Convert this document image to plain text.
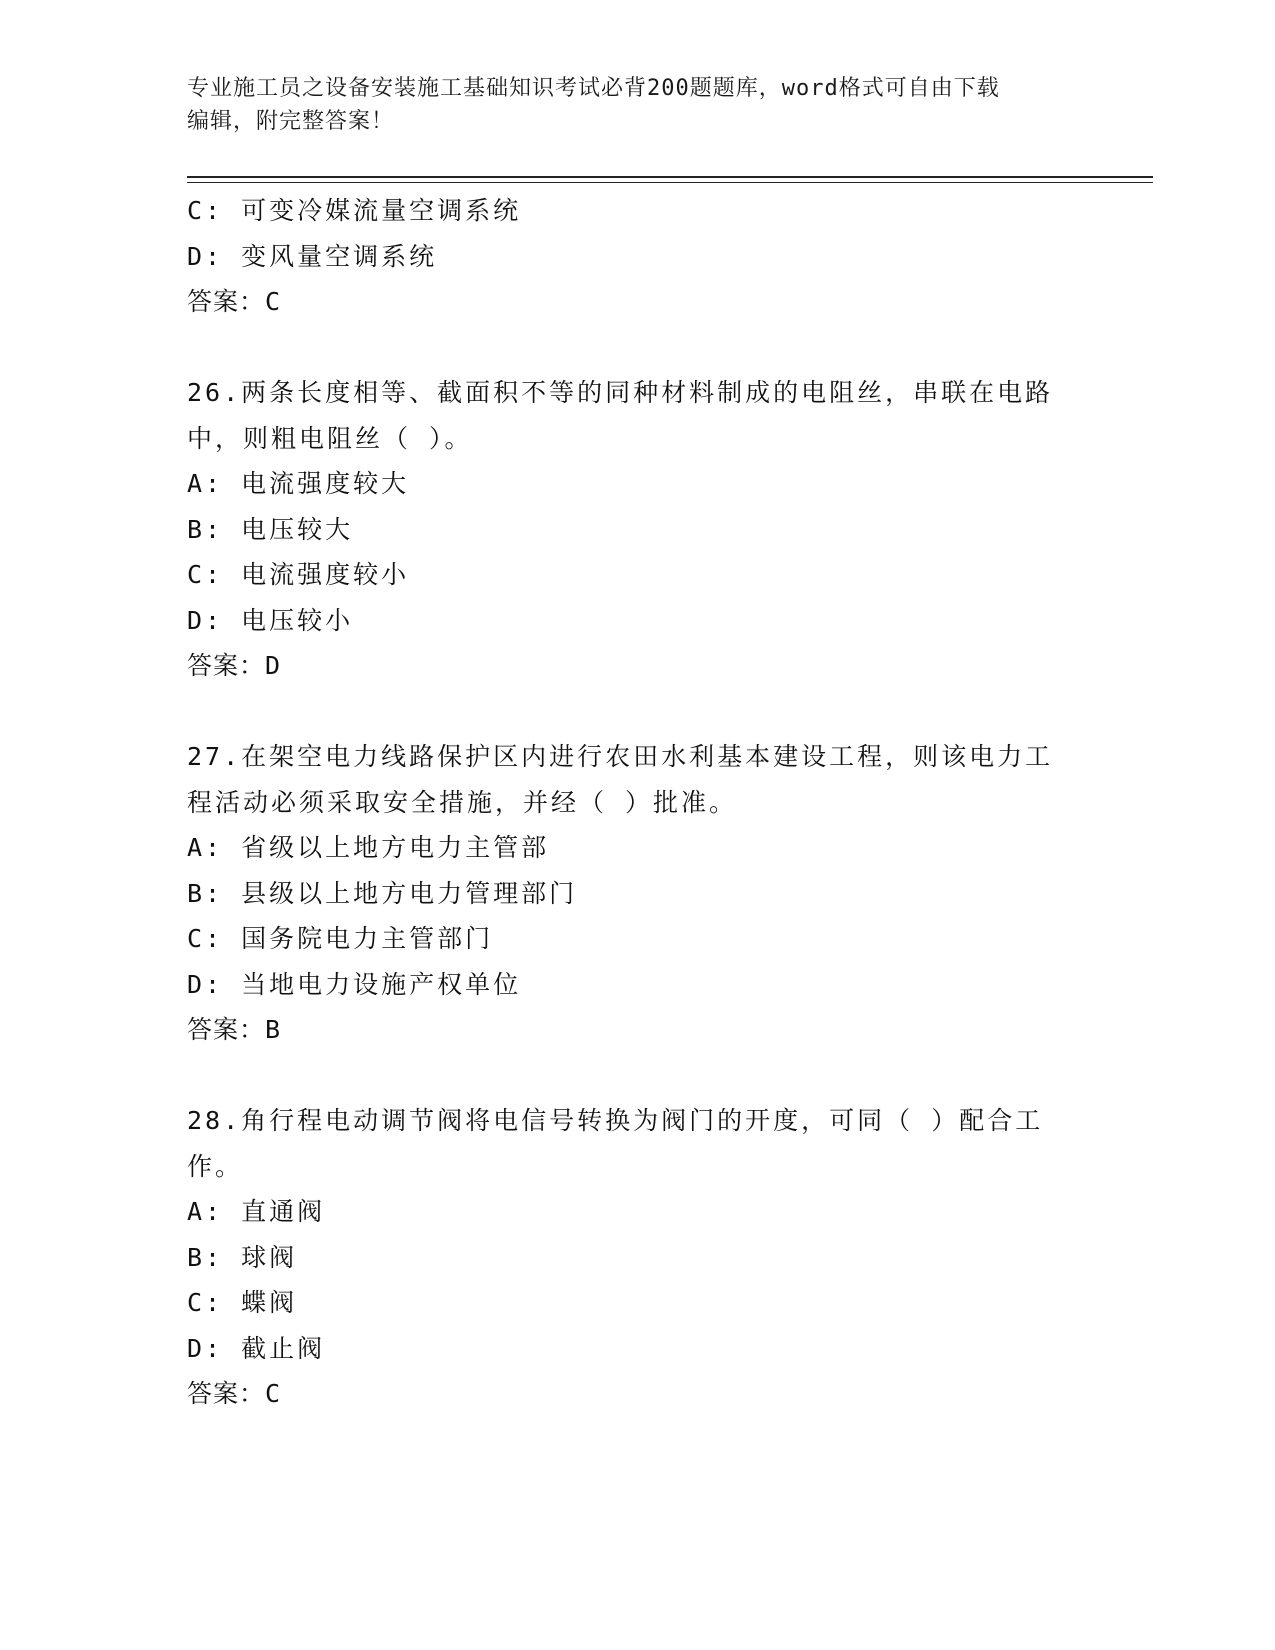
专业施工员之设备安装施工基础知识考试必背200题题库，word格式可自由下载
编辑，附完整答案！
C: 可变冷媒流量空调系统
D: 变风量空调系统
答案：C
26.两条长度相等、截面积不等的同种材料制成的电阻丝，串联在电路
中，则粗电阻丝（ ）。
A: 电流强度较大
B: 电压较大
C: 电流强度较小
D: 电压较小
答案：D
27.在架空电力线路保护区内进行农田水利基本建设工程，则该电力工
程活动必须采取安全措施，并经（ ）批准。
A: 省级以上地方电力主管部
B: 县级以上地方电力管理部门
C: 国务院电力主管部门
D: 当地电力设施产权单位
答案：B
28.角行程电动调节阀将电信号转换为阀门的开度，可同（ ）配合工
作。
A: 直通阀
B: 球阀
C: 蝶阀
D: 截止阀
答案：C
